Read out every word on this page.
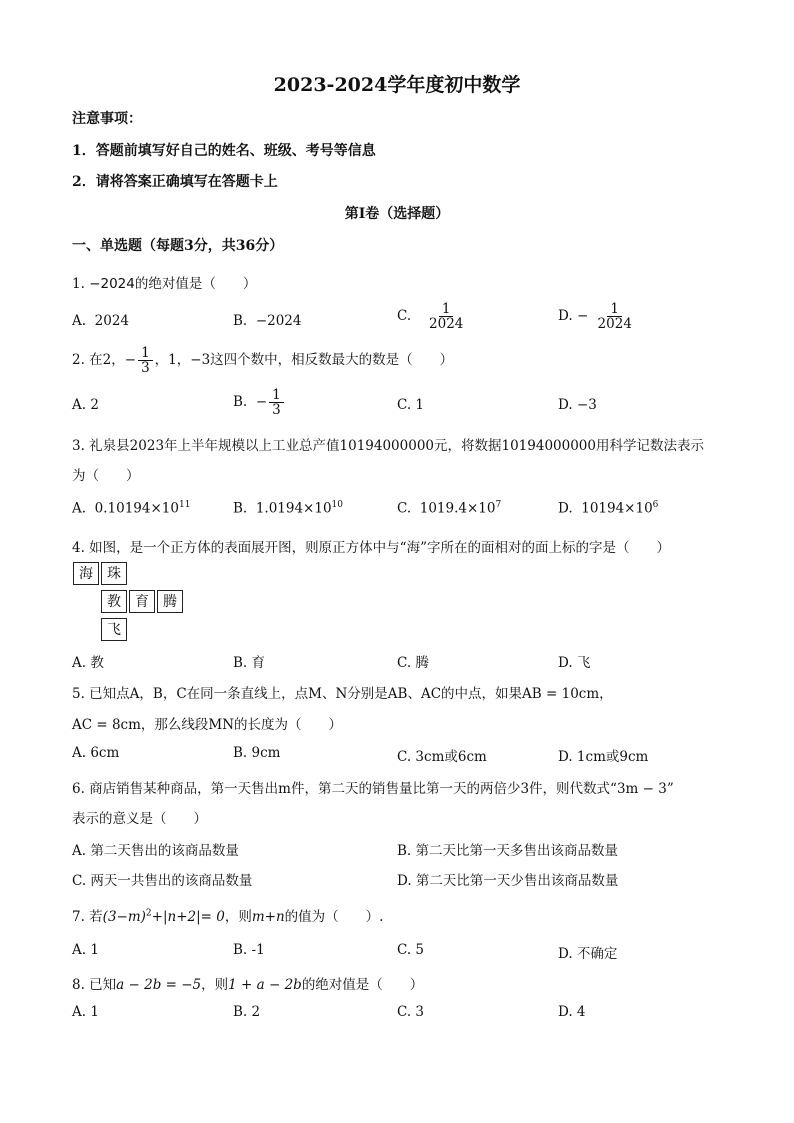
2023-2024学年度初中数学
注意事项：
1．答题前填写好自己的姓名、班级、考号等信息
2．请将答案正确填写在答题卡上
第Ⅰ卷（选择题）
一、单选题（每题3分，共36分）
1. −2024的绝对值是（　　）
A. 2024	B. −2024	C. $\frac{1}{2024}$	D. − $\frac{1}{2024}$
2. 在2，− $\frac{1}{3}$ ，1，−3这四个数中，相反数最大的数是（　　）
A. 2	B. − $\frac{1}{3}$	C. 1	D. −3
3. 礼泉县2023年上半年规模以上工业总产值10194000000元，将数据10194000000用科学记数法表示
为（　　）
A. $0.10194\times 10^{11}$	B. $1.0194\times 10^{10}$	C. $1019.4\times 10^7$	D. $10194\times 10^6$
4. 如图，是一个正方体的表面展开图，则原正方体中与“海”字所在的面相对的面上标的字是（　　）
海	珠
教	育	腾
飞
A. 教	B. 育	C. 腾	D. 飞
5. 已知点A，B，C在同一条直线上，点M、N分别是AB、AC的中点，如果AB = 10cm，
AC = 8cm，那么线段MN的长度为（　　）
A. 6cm	B. 9cm	C. 3cm或6cm	D. 1cm或9cm
6. 商店销售某种商品，第一天售出m件，第二天的销售量比第一天的两倍少3件，则代数式“3m − 3”
表示的意义是（　　）
A. 第二天售出的该商品数量	B. 第二天比第一天多售出该商品数量
C. 两天一共售出的该商品数量	D. 第二天比第一天少售出该商品数量
7. 若$(3-m)^2+|n+2|= 0$，则m+n的值为（　　）.
A. 1	B. -1	C. 5	D. 不确定
8. 已知a − 2b = −5，则1 + a − 2b的绝对值是（　　）
A. 1	B. 2	C. 3	D. 4
